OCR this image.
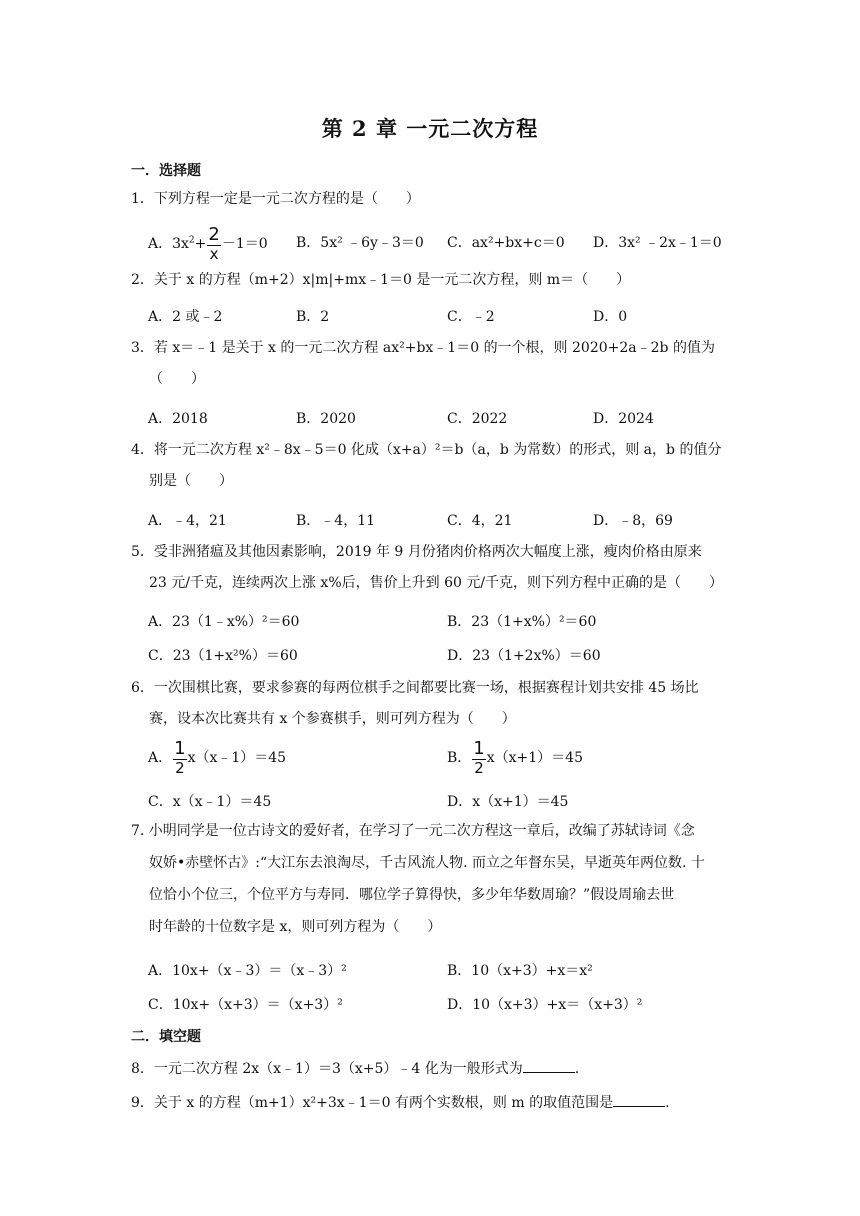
第 2 章 一元二次方程
一．选择题
1．下列方程一定是一元二次方程的是（　　）
A．$3x^2+ \frac{2}{x} -1=0$ B．5x² ﹣6y﹣3＝0 C．ax²+bx+c＝0 D．3x² ﹣2x﹣1＝0
2．关于 x 的方程（m+2）x|m|+mx﹣1＝0 是一元二次方程，则 m＝（　　）
A．2 或﹣2	B．2	C．﹣2	D．0
3．若 x＝﹣1 是关于 x 的一元二次方程 ax²+bx﹣1＝0 的一个根，则 2020+2a﹣2b 的值为
（　　）
A．2018	B．2020	C．2022	D．2024
4．将一元二次方程 x²﹣8x﹣5＝0 化成（x+a）²＝b（a，b 为常数）的形式，则 a，b 的值分
别是（　　）
A．﹣4，21	B．﹣4，11	C．4，21	D．﹣8，69
5．受非洲猪瘟及其他因素影响，2019 年 9 月份猪肉价格两次大幅度上涨，瘦肉价格由原来
23 元/千克，连续两次上涨 x%后，售价上升到 60 元/千克，则下列方程中正确的是（　　）
A．23（1﹣x%）²＝60	B．23（1+x%）²＝60
C．23（1+x²%）＝60	D．23（1+2x%）＝60
6．一次围棋比赛，要求参赛的每两位棋手之间都要比赛一场，根据赛程计划共安排 45 场比
赛，设本次比赛共有 x 个参赛棋手，则可列方程为（　　）
A． $\frac{1}{2}$ x（x﹣1）＝45	B． $\frac{1}{2} x(x+1)=45$
C．x（x﹣1）＝45	D．x（x+1）＝45
7. 小明同学是一位古诗文的爱好者，在学习了一元二次方程这一章后，改编了苏轼诗词《念
奴娇•赤壁怀古》:“大江东去浪淘尽，千古风流人物. 而立之年督东吴，早逝英年两位数. 十
位恰小个位三，个位平方与寿同．哪位学子算得快，多少年华数周瑜？”假设周瑜去世
时年龄的十位数字是 x，则可列方程为（　　）
A．10x+（x﹣3）＝（x﹣3）²	B．10（x+3）+x＝x²
C．10x+（x+3）＝（x+3）²	D．10（x+3）+x＝（x+3）²
二．填空题
8．一元二次方程 2x（x﹣1）＝3（x+5）﹣4 化为一般形式为	.
9．关于 x 的方程（m+1）x²+3x﹣1＝0 有两个实数根，则 m 的取值范围是	.
